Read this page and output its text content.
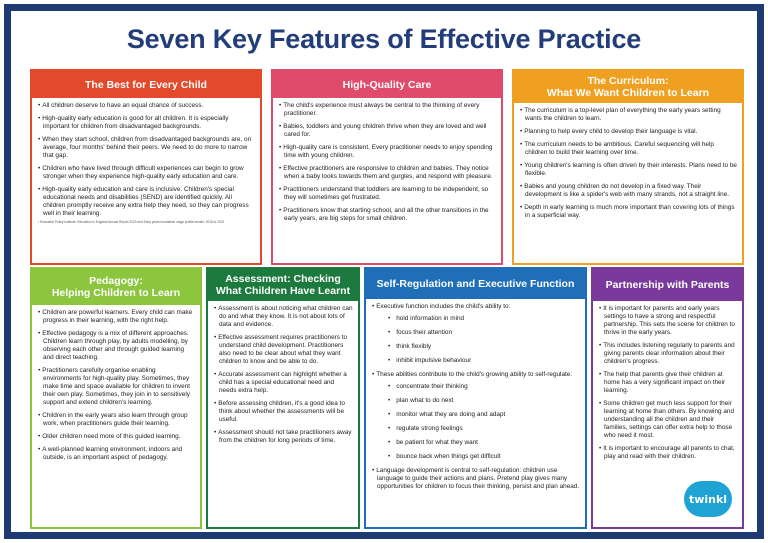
Seven Key Features of Effective Practice
The Best for Every Child
• All children deserve to have an equal chance of success.
• High-quality early education is good for all children. It is especially important for children from disadvantaged backgrounds.
• When they start school, children from disadvantaged backgrounds are, on average, four months' behind their peers. We need to do more to narrow that gap.
• Children who have lived through difficult experiences can begin to grow stronger when they experience high-quality early education and care.
• High-quality early education and care is inclusive. Children's special educational needs and disabilities (SEND) are identified quickly. All children promptly receive any extra help they need, so they can progress well in their learning.
¹ Education Policy Institute: Education in England Annual Report 2019 and Early years foundation stage profile results: 2018 to 2019
High-Quality Care
• The child's experience must always be central to the thinking of every practitioner.
• Babies, toddlers and young children thrive when they are loved and well cared for.
• High-quality care is consistent. Every practitioner needs to enjoy spending time with young children.
• Effective practitioners are responsive to children and babies. They notice when a baby looks towards them and gurgles, and respond with pleasure.
• Practitioners understand that toddlers are learning to be independent, so they will sometimes get frustrated.
• Practitioners know that starting school, and all the other transitions in the early years, are big steps for small children.
The Curriculum:
What We Want Children to Learn
• The curriculum is a top-level plan of everything the early years setting wants the children to learn.
• Planning to help every child to develop their language is vital.
• The curriculum needs to be ambitious. Careful sequencing will help children to build their learning over time.
• Young children's learning is often driven by their interests. Plans need to be flexible.
• Babies and young children do not develop in a fixed way. Their development is like a spider's web with many strands, not a straight line.
• Depth in early learning is much more important than covering lots of things in a superficial way.
Pedagogy:
Helping Children to Learn
• Children are powerful learners. Every child can make progress in their learning, with the right help.
• Effective pedagogy is a mix of different approaches. Children learn through play, by adults modelling, by observing each other and through guided learning and direct teaching.
• Practitioners carefully organise enabling environments for high-quality play. Sometimes, they make time and space available for children to invent their own play. Sometimes, they join in to sensitively support and extend children's learning.
• Children in the early years also learn through group work, when practitioners guide their learning.
• Older children need more of this guided learning.
• A well-planned learning environment, indoors and outside, is an important aspect of pedagogy.
Assessment: Checking
What Children Have Learnt
• Assessment is about noticing what children can do and what they know. It is not about lots of data and evidence.
• Effective assessment requires practitioners to understand child development. Practitioners also need to be clear about what they want children to know and be able to do.
• Accurate assessment can highlight whether a child has a special educational need and needs extra help.
• Before assessing children, it's a good idea to think about whether the assessments will be useful.
• Assessment should not take practitioners away from the children for long periods of time.
Self-Regulation and Executive Function
• Executive function includes the child's ability to:
• hold information in mind
• focus their attention
• think flexibly
• inhibit impulsive behaviour
• These abilities contribute to the child's growing ability to self-regulate:
• concentrate their thinking
• plan what to do next
• monitor what they are doing and adapt
• regulate strong feelings
• be patient for what they want
• bounce back when things get difficult
• Language development is central to self-regulation: children use language to guide their actions and plans. Pretend play gives many opportunities for children to focus their thinking, persist and plan ahead.
Partnership with Parents
• It is important for parents and early years settings to have a strong and respectful partnership. This sets the scene for children to thrive in the early years.
• This includes listening regularly to parents and giving parents clear information about their children's progress.
• The help that parents give their children at home has a very significant impact on their learning.
• Some children get much less support for their learning at home than others. By knowing and understanding all the children and their families, settings can offer extra help to those who need it most.
• It is important to encourage all parents to chat, play and read with their children.
twinkl
